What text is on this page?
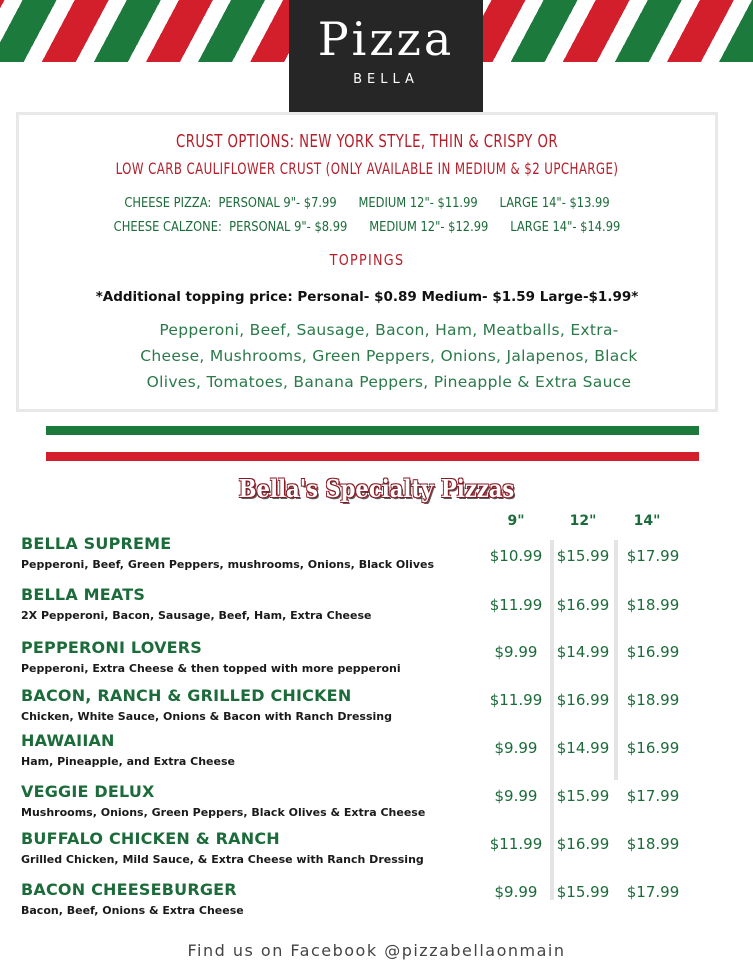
Pizza
BELLA
CRUST OPTIONS: NEW YORK STYLE, THIN & CRISPY OR
LOW CARB CAULIFLOWER CRUST (ONLY AVAILABLE IN MEDIUM & $2 UPCHARGE)
CHEESE PIZZA:  PERSONAL 9"- $7.99      MEDIUM 12"- $11.99      LARGE 14"- $13.99
CHEESE CALZONE:  PERSONAL 9"- $8.99      MEDIUM 12"- $12.99      LARGE 14"- $14.99
TOPPINGS
*Additional topping price: Personal- $0.89 Medium- $1.59 Large-$1.99*
Pepperoni, Beef, Sausage, Bacon, Ham, Meatballs, Extra-Cheese, Mushrooms, Green Peppers, Onions, Jalapenos, Black Olives, Tomatoes, Banana Peppers, Pineapple & Extra Sauce
Bella's Specialty Pizzas
9"	12"	14"
BELLA SUPREME
Pepperoni, Beef, Green Peppers, mushrooms, Onions, Black Olives	$10.99 $15.99	$17.99
BELLA MEATS
2X Pepperoni, Bacon, Sausage, Beef, Ham, Extra Cheese
$11.99 $16.99	$18.99
PEPPERONI LOVERS
Pepperoni, Extra Cheese & then topped with more pepperoni
$9.99	$14.99	$16.99
BACON, RANCH & GRILLED CHICKEN
Chicken, White Sauce, Onions & Bacon with Ranch Dressing
$11.99 $16.99	$18.99
HAWAIIAN
Ham, Pineapple, and Extra Cheese
$9.99	$14.99	$16.99
VEGGIE DELUX
Mushrooms, Onions, Green Peppers, Black Olives & Extra Cheese
$9.99	$15.99	$17.99
BUFFALO CHICKEN & RANCH
Grilled Chicken, Mild Sauce, & Extra Cheese with Ranch Dressing
$11.99 $16.99	$18.99
BACON CHEESEBURGER
Bacon, Beef, Onions & Extra Cheese
$9.99	$15.99	$17.99
Find us on Facebook @pizzabellaonmain
